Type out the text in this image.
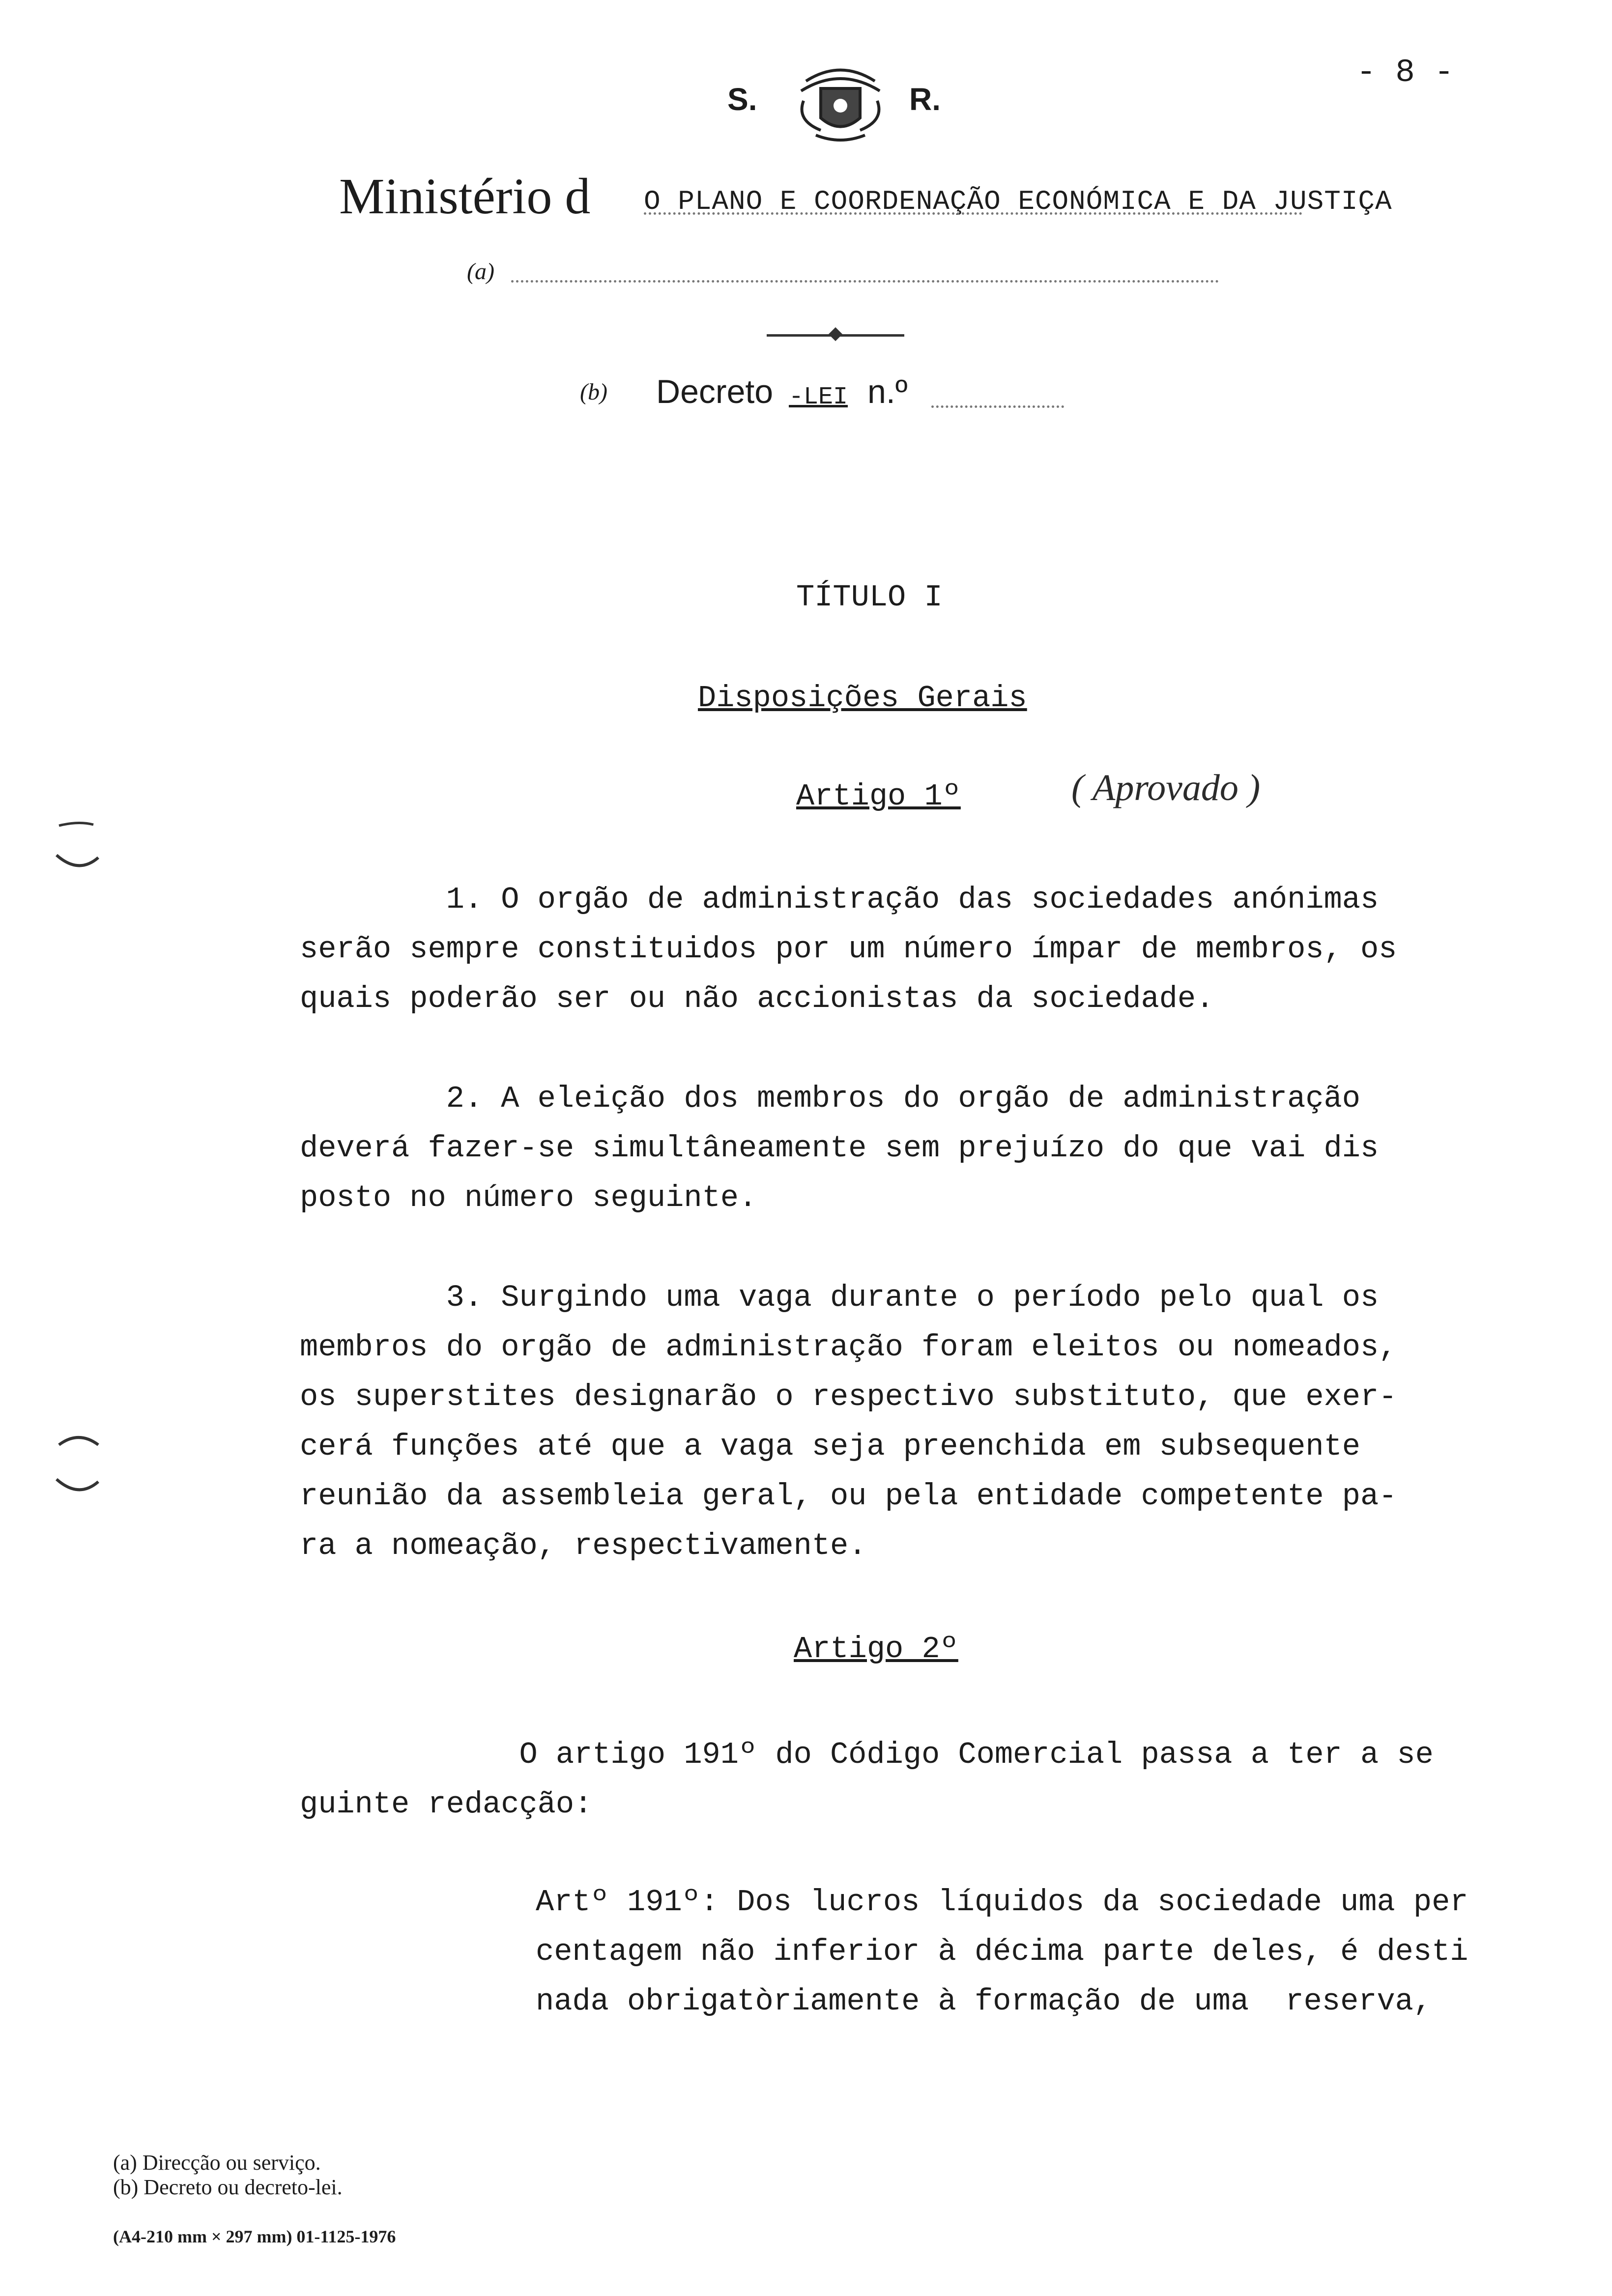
- 8 -
S.	R.
Ministério d O PLANO E COORDENAÇÃO ECONÓMICA E DA JUSTIÇA
(a)
(b) Decreto -LEI n.º
TÍTULO I
Disposições Gerais
Artigo 1º	( Aprovado )
1. O orgão de administração das sociedades anónimas
serão sempre constituidos por um número ímpar de membros, os
quais poderão ser ou não accionistas da sociedade.
2. A eleição dos membros do orgão de administração
deverá fazer-se simultâneamente sem prejuízo do que vai dis
posto no número seguinte.
3. Surgindo uma vaga durante o período pelo qual os
membros do orgão de administração foram eleitos ou nomeados,
os superstites designarão o respectivo substituto, que exer-
cerá funções até que a vaga seja preenchida em subsequente
reunião da assembleia geral, ou pela entidade competente pa-
ra a nomeação, respectivamente.
Artigo 2º
O artigo 191º do Código Comercial passa a ter a se
guinte redacção:
Artº 191º: Dos lucros líquidos da sociedade uma per
centagem não inferior à décima parte deles, é desti
nada obrigatòriamente à formação de uma  reserva,
(a) Direcção ou serviço.
(b) Decreto ou decreto-lei.
(A4-210 mm × 297 mm) 01-1125-1976
